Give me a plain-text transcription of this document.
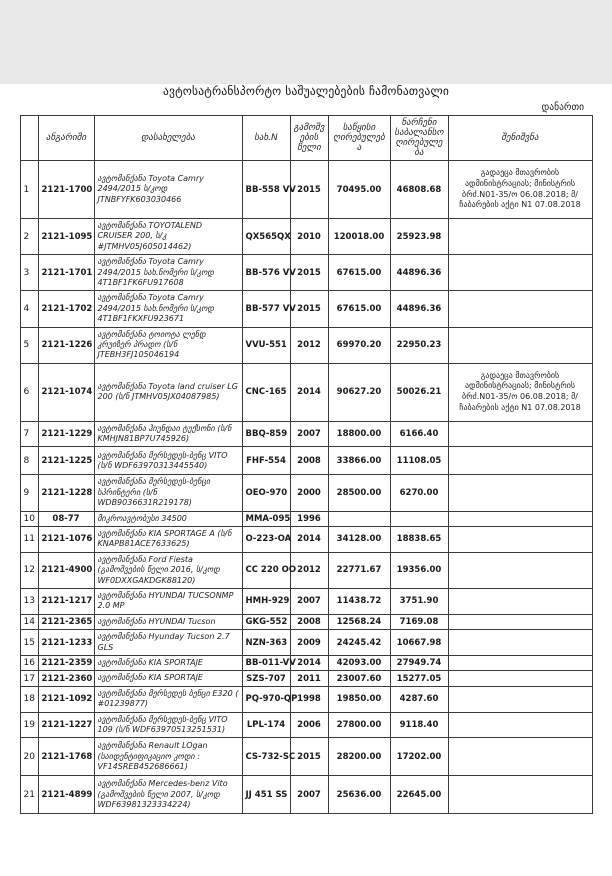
ავტოსატრანსპორტო საშუალებების ჩამონათვალი
დანართი
	ანგარიში	დასახელება	სახ.N	გამოშვების წელი	საწყისი ღირებულება	ნარჩენი საბალანსო ღირებულება	შენიშვნა
1	2121-1700	ავტომანქანა Toyota Camry 2494/2015 ს/კოდ JTNBFYFK603030466	BB-558 VV	2015	70495.00	46808.68	გადაეცა მთავრობის ადმინისტრაციას; მინისტრის ბრძ.N01-35/ო 06.08.2018; მ/ჩაბარების აქტი N1 07.08.2018
2	2121-1095	ავტომანქანა TOYOTALEND CRUISER 200, ს/კ #JTMHV05J605014462)	QX565QX	2010	120018.00	25923.98	
3	2121-1701	ავტომანქანა Toyota Camry 2494/2015 სახ.ნომერი ს/კოდ 4T1BF1FK6FU917608	BB-576 VV	2015	67615.00	44896.36	
4	2121-1702	ავტომანქანა Toyota Camry 2494/2015 სახ.ნომერი ს/კოდ 4T1BF1FKXFU923671	BB-577 VV	2015	67615.00	44896.36	
5	2121-1226	ავტომანქანა ტოიოტა ლენდ კრუიზერ პრადო (ს/ნ JTEBH3FJ105046194	VVU-551	2012	69970.20	22950.23	
6	2121-1074	ავტომანქანა Toyota land cruiser LG 200 (ს/ნ JTMHV05JX04087985)	CNC-165	2014	90627.20	50026.21	გადაეცა მთავრობის ადმინისტრაციას; მინისტრის ბრძ.N01-35/ო 06.08.2018; მ/ჩაბარების აქტი N1 07.08.2018
7	2121-1229	ავტომანქანა ჰიუნდაი ტუქსონი (ს/ნ KMHJN81BP7U745926)	BBQ-859	2007	18800.00	6166.40	
8	2121-1225	ავტომანქანა მერსედეს-ბენც VITO (ს/ნ WDF63970313445540)	FHF-554	2008	33866.00	11108.05	
9	2121-1228	ავტომანქანა მერსედეს-ბენცი სპრინტერი (ს/ნ WDB9036631R219178)	OEO-970	2000	28500.00	6270.00	
10	08-77	მიკროავტობუსი 34500	MMA-095	1996			
11	2121-1076	ავტომანქანა KIA SPORTAGE A (ს/ნ KNAPB81ACE7633625)	O-223-OA	2014	34128.00	18838.65	
12	2121-4900	ავტომანქანა Ford Fiesta (გამოშვების წელი 2016, ს/კოდ WF0DXXGAKDGK88120)	CC 220 OO	2012	22771.67	19356.00	
13	2121-1217	ავტომანქანა HYUNDAI TUCSONMP 2.0 MP	HMH-929	2007	11438.72	3751.90	
14	2121-2365	ავტომანქანა HYUNDAI Tucson	GKG-552	2008	12568.24	7169.08	
15	2121-1233	ავტომანქანა Hyunday Tucson 2.7 GLS	NZN-363	2009	24245.42	10667.98	
16	2121-2359	ავტომანქანა KIA SPORTAJE	BB-011-VV	2014	42093.00	27949.74	
17	2121-2360	ავტომანქანა KIA SPORTAJE	SZS-707	2011	23007.60	15277.05	
18	2121-1092	ავტომანქანა მერსედეს ბენცი E320 ( #01239877)	PQ-970-QP	1998	19850.00	4287.60	
19	2121-1227	ავტომანქანა მერსედეს-ბენც VITO 109 (ს/ნ WDF63970513251531)	LPL-174	2006	27800.00	9118.40	
20	2121-1768	ავტომანქანა Renault LOgan (საიდენტიფიკაციო კოდი : VF14SREB452686661)	CS-732-SC	2015	28200.00	17202.00	
21	2121-4899	ავტომანქანა Mercedes-benz Vito (გამოშვების წელი 2007, ს/კოდ WDF63981323334224)	JJ 451 SS	2007	25636.00	22645.00	
